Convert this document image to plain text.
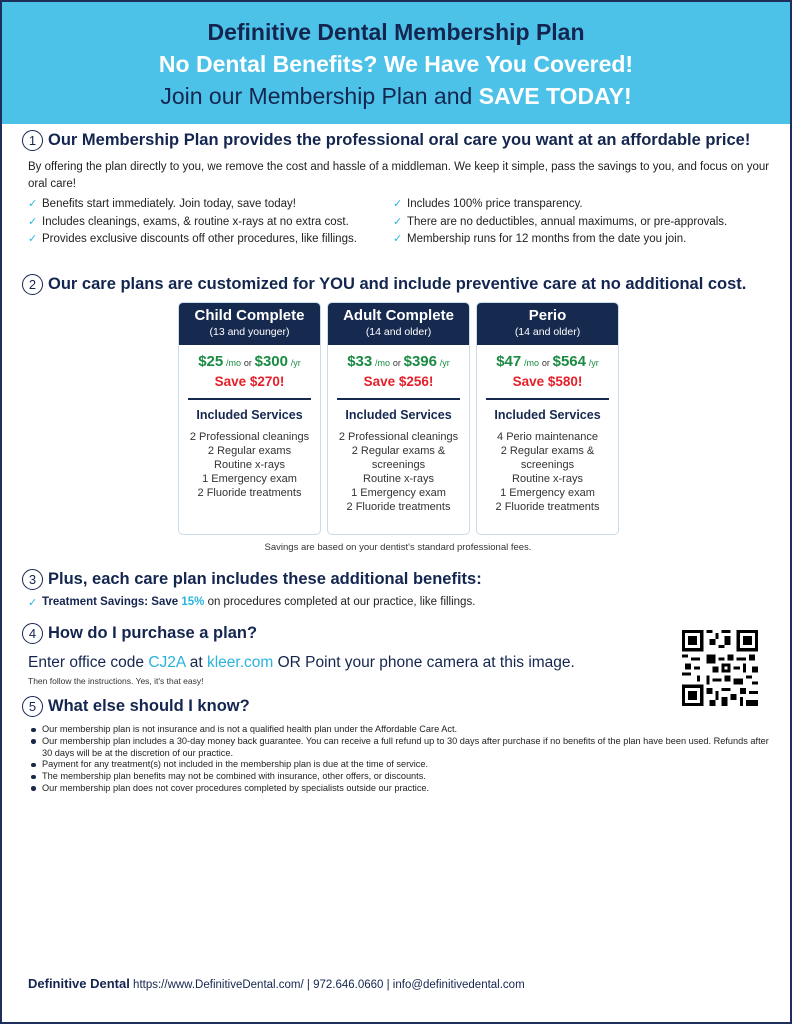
Definitive Dental Membership Plan
No Dental Benefits? We Have You Covered!
Join our Membership Plan and SAVE TODAY!
1 Our Membership Plan provides the professional oral care you want at an affordable price!
By offering the plan directly to you, we remove the cost and hassle of a middleman. We keep it simple, pass the savings to you, and focus on your oral care!
✓ Benefits start immediately. Join today, save today!
✓ Includes cleanings, exams, & routine x-rays at no extra cost.
✓ Provides exclusive discounts off other procedures, like fillings.
✓ Includes 100% price transparency.
✓ There are no deductibles, annual maximums, or pre-approvals.
✓ Membership runs for 12 months from the date you join.
2 Our care plans are customized for YOU and include preventive care at no additional cost.
Child Complete
(13 and younger)
$25 /mo or $300 /yr
Save $270!
Included Services
2 Professional cleanings
2 Regular exams
Routine x-rays
1 Emergency exam
2 Fluoride treatments
Adult Complete
(14 and older)
$33 /mo or $396 /yr
Save $256!
Included Services
2 Professional cleanings
2 Regular exams & screenings
Routine x-rays
1 Emergency exam
2 Fluoride treatments
Perio
(14 and older)
$47 /mo or $564 /yr
Save $580!
Included Services
4 Perio maintenance
2 Regular exams & screenings
Routine x-rays
1 Emergency exam
2 Fluoride treatments
Savings are based on your dentist's standard professional fees.
3 Plus, each care plan includes these additional benefits:
✓ Treatment Savings: Save 15% on procedures completed at our practice, like fillings.
4 How do I purchase a plan?
Enter office code CJ2A at kleer.com OR Point your phone camera at this image.
Then follow the instructions. Yes, it's that easy!
5 What else should I know?
Our membership plan is not insurance and is not a qualified health plan under the Affordable Care Act.
Our membership plan includes a 30-day money back guarantee. You can receive a full refund up to 30 days after purchase if no benefits of the plan have been used. Refunds after 30 days will be at the discretion of our practice.
Payment for any treatment(s) not included in the membership plan is due at the time of service.
The membership plan benefits may not be combined with insurance, other offers, or discounts.
Our membership plan does not cover procedures completed by specialists outside our practice.
Definitive Dental https://www.DefinitiveDental.com/ | 972.646.0660 | info@definitivedental.com
